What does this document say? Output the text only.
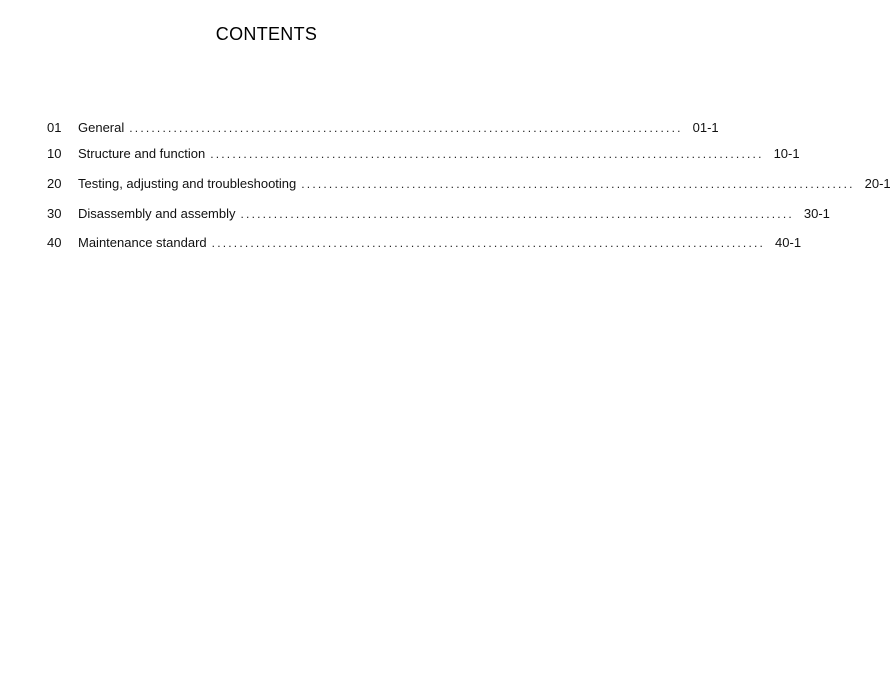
CONTENTS
01	General .................................................................................................... 01-1
10	Structure and function .................................................................................................... 10-1
20	Testing, adjusting and troubleshooting .................................................................................................... 20-1
30	Disassembly and assembly .................................................................................................... 30-1
40	Maintenance standard .................................................................................................... 40-1
